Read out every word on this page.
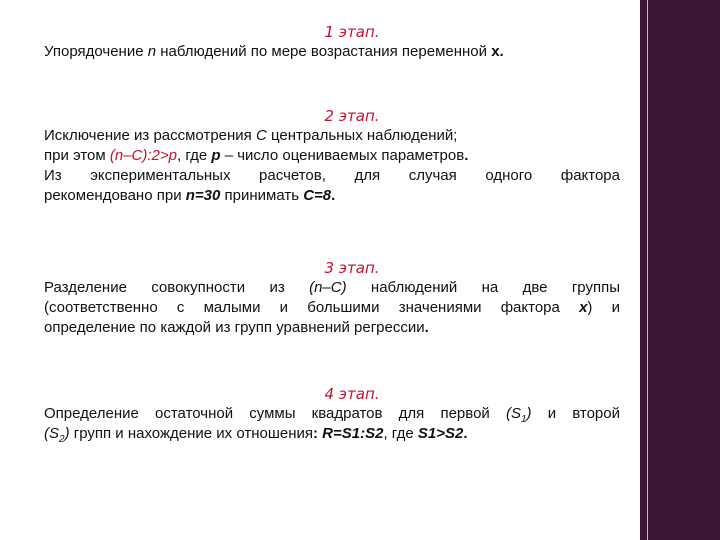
1 этап.
Упорядочение n наблюдений по мере возрастания переменной x.
2 этап.
Исключение из рассмотрения С центральных наблюдений;
при этом (n–С):2>p, где p – число оцениваемых параметров.
Из экспериментальных расчетов, для случая одного фактора
рекомендовано при n=30 принимать С=8.
3 этап.
Разделение совокупности из (n–С) наблюдений на две группы
(соответственно с малыми и большими значениями фактора х) и
определение по каждой из групп уравнений регрессии.
4 этап.
Определение остаточной суммы квадратов для первой $(S_1)$ и второй
$(S_2)$ групп и нахождение их отношения: R=S1:S2, где S1>S2.
